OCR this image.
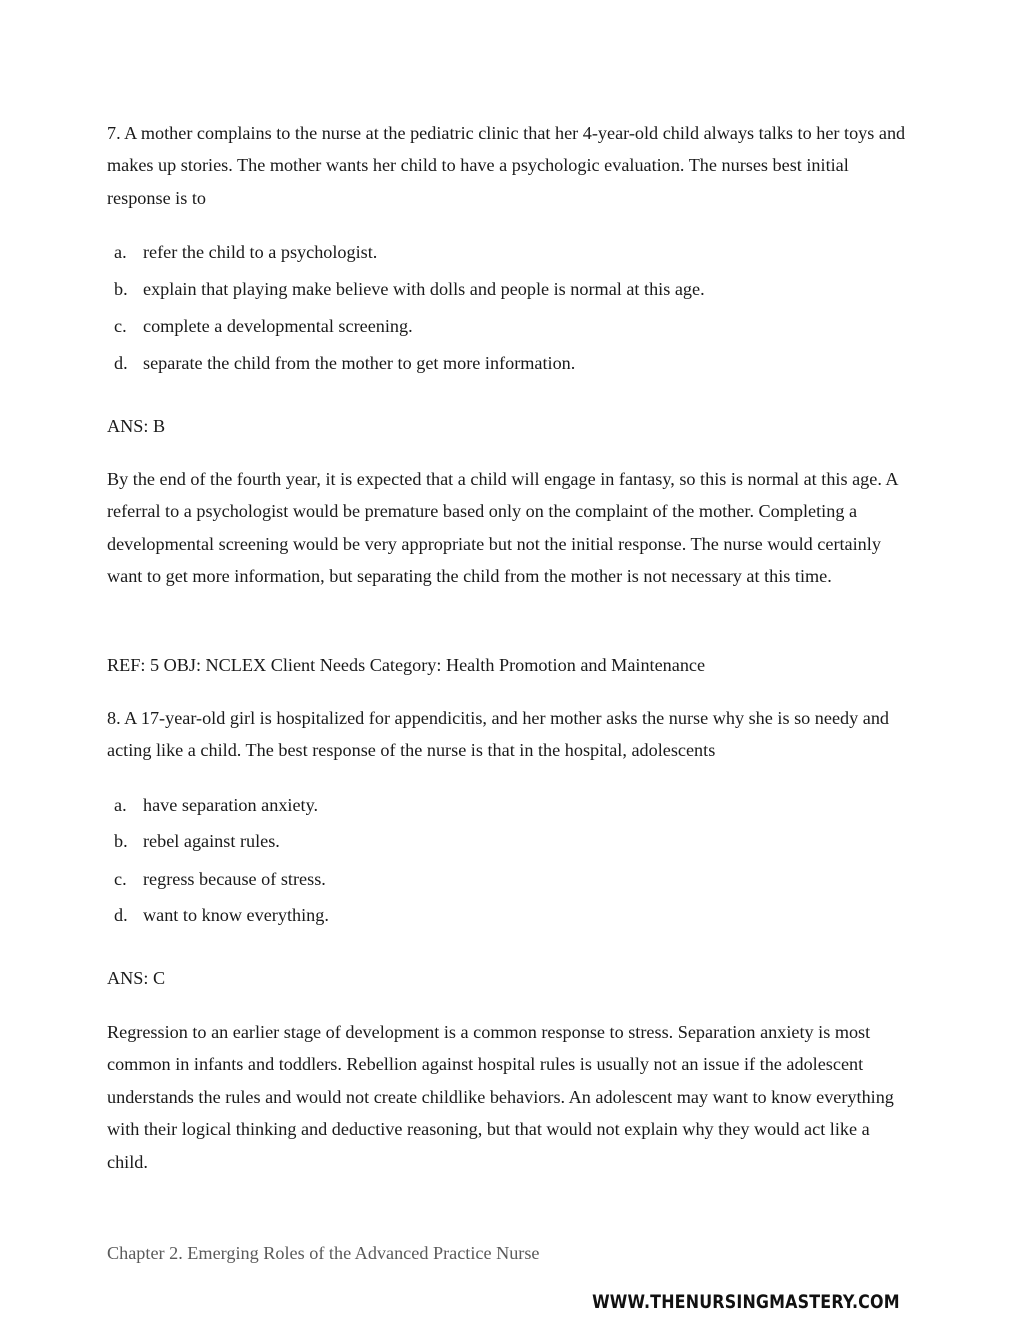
7. A mother complains to the nurse at the pediatric clinic that her 4-year-old child always talks to her toys and makes up stories. The mother wants her child to have a psychologic evaluation. The nurses best initial response is to
a. refer the child to a psychologist.
b. explain that playing make believe with dolls and people is normal at this age.
c. complete a developmental screening.
d. separate the child from the mother to get more information.
ANS: B
By the end of the fourth year, it is expected that a child will engage in fantasy, so this is normal at this age. A referral to a psychologist would be premature based only on the complaint of the mother. Completing a developmental screening would be very appropriate but not the initial response. The nurse would certainly want to get more information, but separating the child from the mother is not necessary at this time.
REF: 5 OBJ: NCLEX Client Needs Category: Health Promotion and Maintenance
8. A 17-year-old girl is hospitalized for appendicitis, and her mother asks the nurse why she is so needy and acting like a child. The best response of the nurse is that in the hospital, adolescents
a. have separation anxiety.
b. rebel against rules.
c. regress because of stress.
d. want to know everything.
ANS: C
Regression to an earlier stage of development is a common response to stress. Separation anxiety is most common in infants and toddlers. Rebellion against hospital rules is usually not an issue if the adolescent understands the rules and would not create childlike behaviors. An adolescent may want to know everything with their logical thinking and deductive reasoning, but that would not explain why they would act like a child.
Chapter 2. Emerging Roles of the Advanced Practice Nurse
WWW.THENURSINGMASTERY.COM
